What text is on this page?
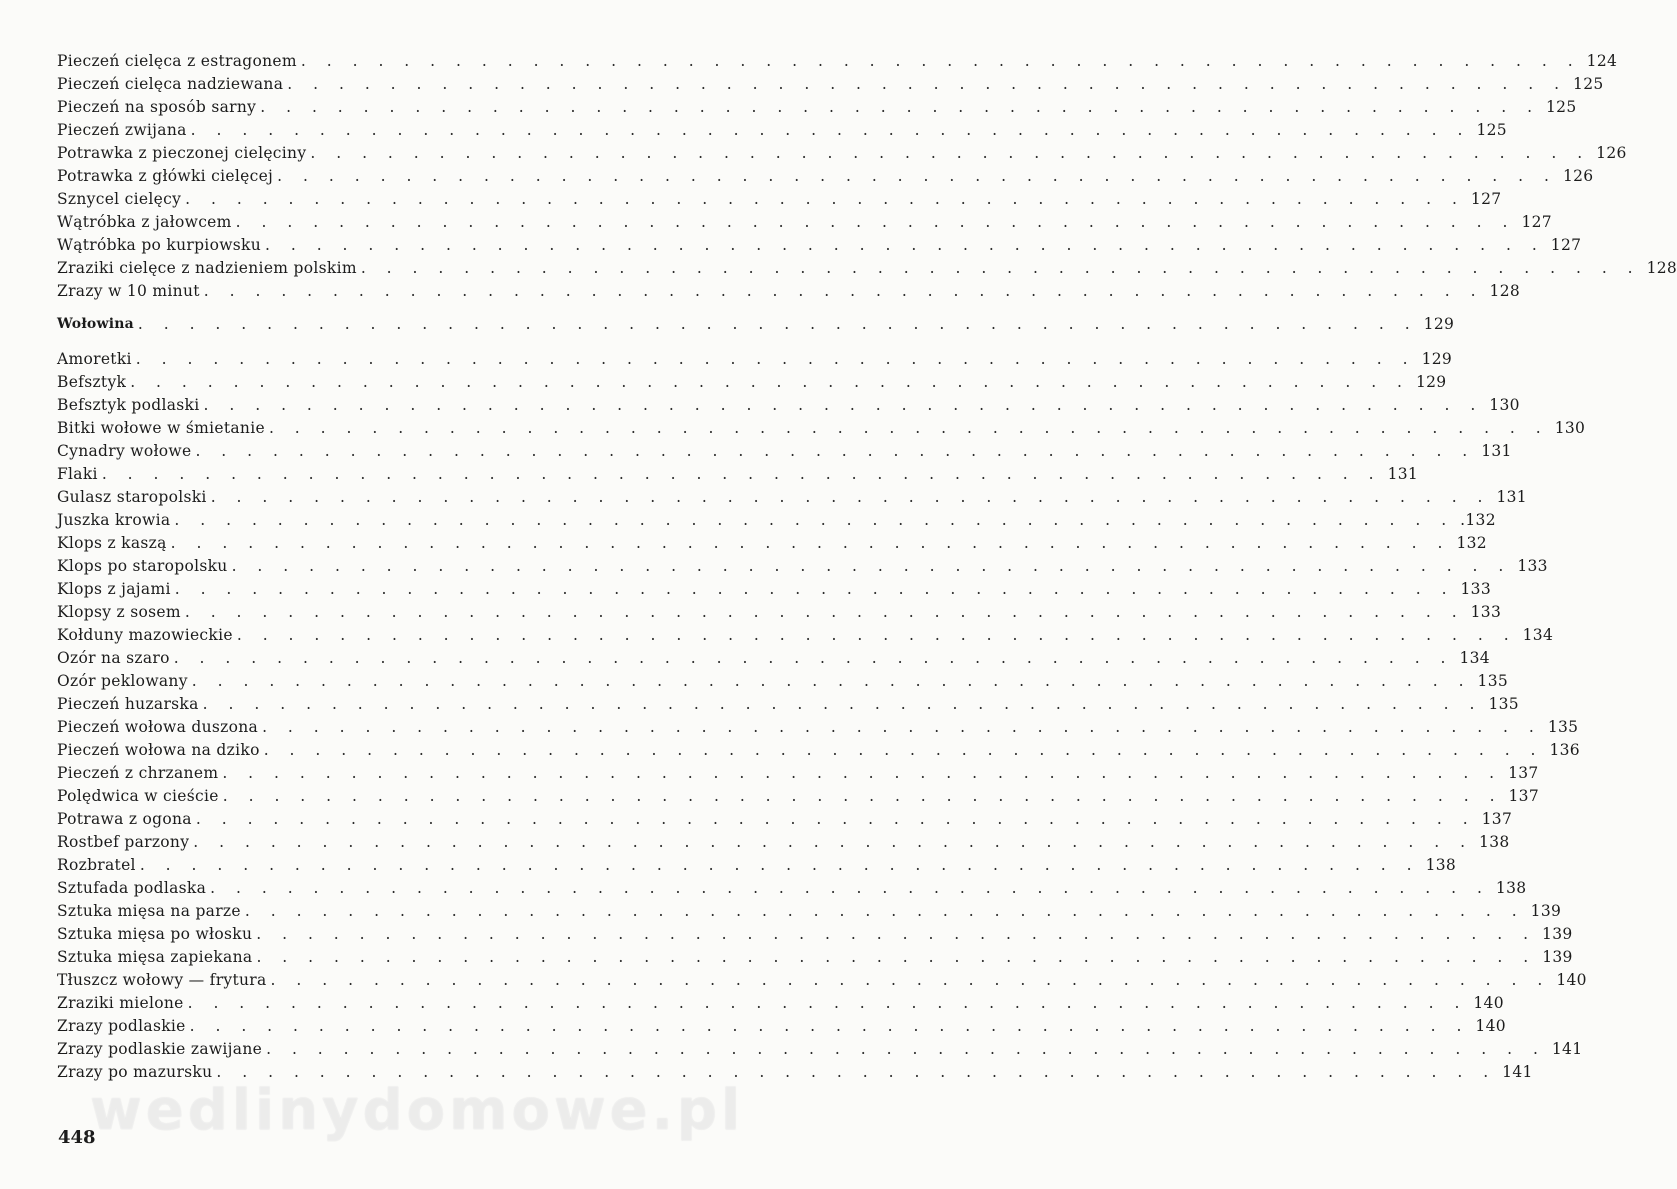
Pieczeń cielęca z estragonem . . . . . . . . . . . . . . . . . . . . . . . . . . . . . . . . . . . . . . . . . . . . . . . . . . 124
Pieczeń cielęca nadziewana . . . . . . . . . . . . . . . . . . . . . . . . . . . . . . . . . . . . . . . . . . . . . . . . . . 125
Pieczeń na sposób sarny . . . . . . . . . . . . . . . . . . . . . . . . . . . . . . . . . . . . . . . . . . . . . . . . . . 125
Pieczeń zwijana . . . . . . . . . . . . . . . . . . . . . . . . . . . . . . . . . . . . . . . . . . . . . . . . . . 125
Potrawka z pieczonej cielęciny . . . . . . . . . . . . . . . . . . . . . . . . . . . . . . . . . . . . . . . . . . . . . . . . . . 126
Potrawka z główki cielęcej . . . . . . . . . . . . . . . . . . . . . . . . . . . . . . . . . . . . . . . . . . . . . . . . . . 126
Sznycel cielęcy . . . . . . . . . . . . . . . . . . . . . . . . . . . . . . . . . . . . . . . . . . . . . . . . . . 127
Wątróbka z jałowcem . . . . . . . . . . . . . . . . . . . . . . . . . . . . . . . . . . . . . . . . . . . . . . . . . . 127
Wątróbka po kurpiowsku . . . . . . . . . . . . . . . . . . . . . . . . . . . . . . . . . . . . . . . . . . . . . . . . . . 127
Zraziki cielęce z nadzieniem polskim . . . . . . . . . . . . . . . . . . . . . . . . . . . . . . . . . . . . . . . . . . . . . . . . . . 128
Zrazy w 10 minut . . . . . . . . . . . . . . . . . . . . . . . . . . . . . . . . . . . . . . . . . . . . . . . . . . 128
Wołowina . . . . . . . . . . . . . . . . . . . . . . . . . . . . . . . . . . . . . . . . . . . . . . . . . . 129
Amoretki . . . . . . . . . . . . . . . . . . . . . . . . . . . . . . . . . . . . . . . . . . . . . . . . . . 129
Befsztyk . . . . . . . . . . . . . . . . . . . . . . . . . . . . . . . . . . . . . . . . . . . . . . . . . . 129
Befsztyk podlaski . . . . . . . . . . . . . . . . . . . . . . . . . . . . . . . . . . . . . . . . . . . . . . . . . . 130
Bitki wołowe w śmietanie . . . . . . . . . . . . . . . . . . . . . . . . . . . . . . . . . . . . . . . . . . . . . . . . . . 130
Cynadry wołowe . . . . . . . . . . . . . . . . . . . . . . . . . . . . . . . . . . . . . . . . . . . . . . . . . . 131
Flaki . . . . . . . . . . . . . . . . . . . . . . . . . . . . . . . . . . . . . . . . . . . . . . . . . . 131
Gulasz staropolski . . . . . . . . . . . . . . . . . . . . . . . . . . . . . . . . . . . . . . . . . . . . . . . . . . 131
Juszka krowia . . . . . . . . . . . . . . . . . . . . . . . . . . . . . . . . . . . . . . . . . . . . . . . . . . .132
Klops z kaszą . . . . . . . . . . . . . . . . . . . . . . . . . . . . . . . . . . . . . . . . . . . . . . . . . . 132
Klops po staropolsku . . . . . . . . . . . . . . . . . . . . . . . . . . . . . . . . . . . . . . . . . . . . . . . . . . 133
Klops z jajami . . . . . . . . . . . . . . . . . . . . . . . . . . . . . . . . . . . . . . . . . . . . . . . . . . 133
Klopsy z sosem . . . . . . . . . . . . . . . . . . . . . . . . . . . . . . . . . . . . . . . . . . . . . . . . . . 133
Kołduny mazowieckie . . . . . . . . . . . . . . . . . . . . . . . . . . . . . . . . . . . . . . . . . . . . . . . . . . 134
Ozór na szaro . . . . . . . . . . . . . . . . . . . . . . . . . . . . . . . . . . . . . . . . . . . . . . . . . . 134
Ozór peklowany . . . . . . . . . . . . . . . . . . . . . . . . . . . . . . . . . . . . . . . . . . . . . . . . . . 135
Pieczeń huzarska . . . . . . . . . . . . . . . . . . . . . . . . . . . . . . . . . . . . . . . . . . . . . . . . . . 135
Pieczeń wołowa duszona . . . . . . . . . . . . . . . . . . . . . . . . . . . . . . . . . . . . . . . . . . . . . . . . . . 135
Pieczeń wołowa na dziko . . . . . . . . . . . . . . . . . . . . . . . . . . . . . . . . . . . . . . . . . . . . . . . . . . 136
Pieczeń z chrzanem . . . . . . . . . . . . . . . . . . . . . . . . . . . . . . . . . . . . . . . . . . . . . . . . . . 137
Polędwica w cieście . . . . . . . . . . . . . . . . . . . . . . . . . . . . . . . . . . . . . . . . . . . . . . . . . . 137
Potrawa z ogona . . . . . . . . . . . . . . . . . . . . . . . . . . . . . . . . . . . . . . . . . . . . . . . . . . 137
Rostbef parzony . . . . . . . . . . . . . . . . . . . . . . . . . . . . . . . . . . . . . . . . . . . . . . . . . . 138
Rozbratel . . . . . . . . . . . . . . . . . . . . . . . . . . . . . . . . . . . . . . . . . . . . . . . . . . 138
Sztufada podlaska . . . . . . . . . . . . . . . . . . . . . . . . . . . . . . . . . . . . . . . . . . . . . . . . . . 138
Sztuka mięsa na parze . . . . . . . . . . . . . . . . . . . . . . . . . . . . . . . . . . . . . . . . . . . . . . . . . . 139
Sztuka mięsa po włosku . . . . . . . . . . . . . . . . . . . . . . . . . . . . . . . . . . . . . . . . . . . . . . . . . . 139
Sztuka mięsa zapiekana . . . . . . . . . . . . . . . . . . . . . . . . . . . . . . . . . . . . . . . . . . . . . . . . . . 139
Tłuszcz wołowy — frytura . . . . . . . . . . . . . . . . . . . . . . . . . . . . . . . . . . . . . . . . . . . . . . . . . . 140
Zraziki mielone . . . . . . . . . . . . . . . . . . . . . . . . . . . . . . . . . . . . . . . . . . . . . . . . . . 140
Zrazy podlaskie . . . . . . . . . . . . . . . . . . . . . . . . . . . . . . . . . . . . . . . . . . . . . . . . . . 140
Zrazy podlaskie zawijane . . . . . . . . . . . . . . . . . . . . . . . . . . . . . . . . . . . . . . . . . . . . . . . . . . 141
Zrazy po mazursku . . . . . . . . . . . . . . . . . . . . . . . . . . . . . . . . . . . . . . . . . . . . . . . . . . 141
448
wedlinydomowe.pl
